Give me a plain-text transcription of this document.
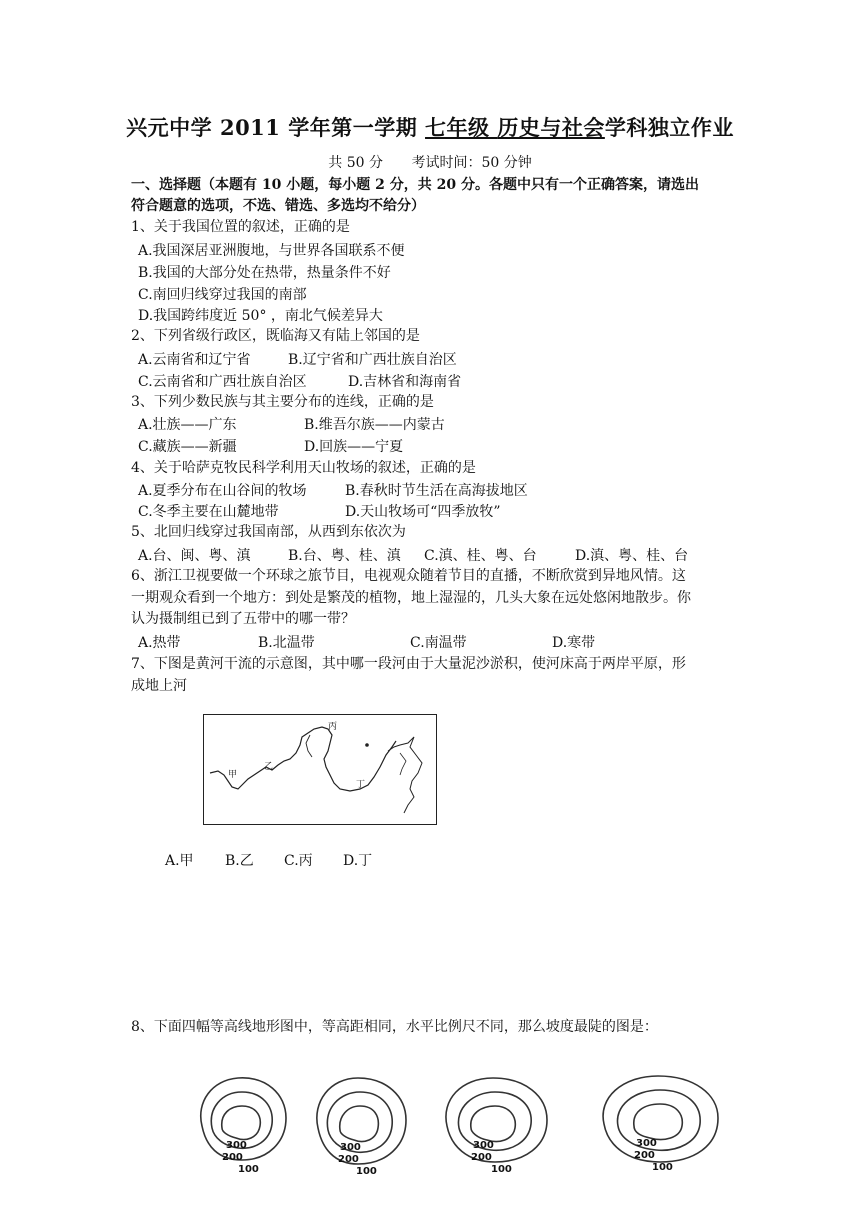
兴元中学 2011 学年第一学期 七年级 历史与社会学科独立作业
共 50 分 考试时间：50 分钟
一、选择题（本题有 10 小题，每小题 2 分，共 20 分。各题中只有一个正确答案，请选出
符合题意的选项，不选、错选、多选均不给分）
1、关于我国位置的叙述，正确的是
A.我国深居亚洲腹地，与世界各国联系不便
B.我国的大部分处在热带，热量条件不好
C.南回归线穿过我国的南部
D.我国跨纬度近 50° ，南北气候差异大
2、下列省级行政区，既临海又有陆上邻国的是
A.云南省和辽宁省	B.辽宁省和广西壮族自治区
C.云南省和广西壮族自治区	D.吉林省和海南省
3、下列少数民族与其主要分布的连线，正确的是
A.壮族——广东	B.维吾尔族——内蒙古
C.藏族——新疆	D.回族——宁夏
4、关于哈萨克牧民科学利用天山牧场的叙述，正确的是
A.夏季分布在山谷间的牧场	B.春秋时节生活在高海拔地区
C.冬季主要在山麓地带	D.天山牧场可“四季放牧”
5、北回归线穿过我国南部，从西到东依次为
A.台、闽、粤、滇	B.台、粤、桂、滇 C.滇、桂、粤、台	D.滇、粤、桂、台
6、浙江卫视要做一个环球之旅节目，电视观众随着节目的直播，不断欣赏到异地风情。这
一期观众看到一个地方：到处是繁茂的植物，地上湿湿的，几头大象在远处悠闲地散步。你
认为摄制组已到了五带中的哪一带？
A.热带	B.北温带	C.南温带	D.寒带
7、下图是黄河干流的示意图，其中哪一段河由于大量泥沙淤积，使河床高于两岸平原，形
成地上河
甲
乙
丙
丁
A.甲 B.乙 C.丙 D.丁
8、下面四幅等高线地形图中，等高距相同，水平比例尺不同，那么坡度最陡的图是：
300
200
100
300
200
100
300
200
100
300
200
100
